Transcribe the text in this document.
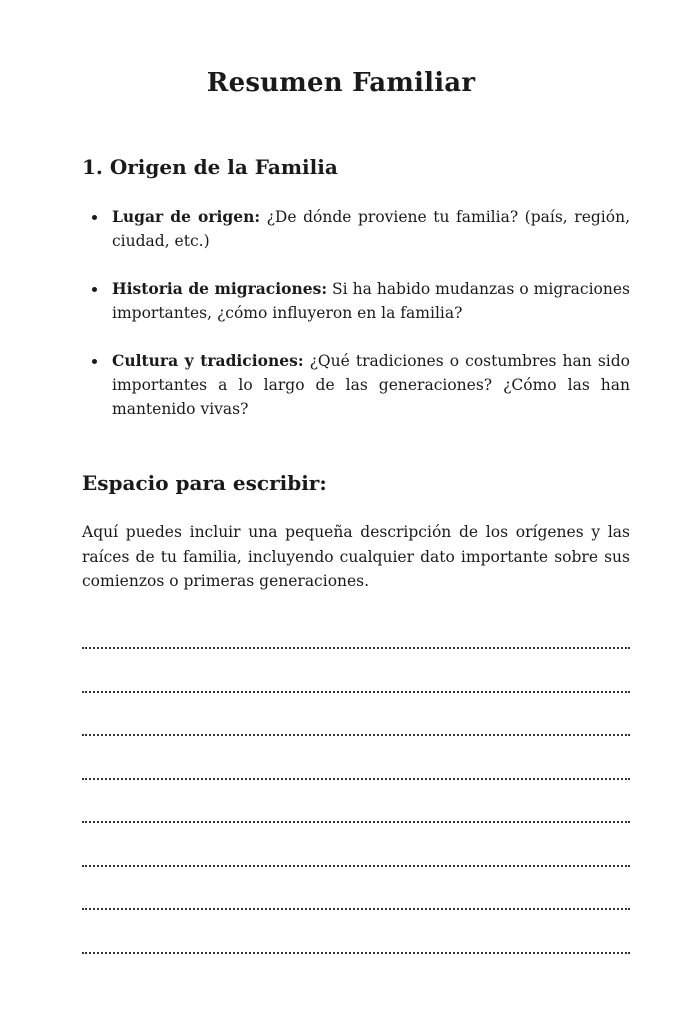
Resumen Familiar
1. Origen de la Familia
Lugar de origen: ¿De dónde proviene tu familia? (país, región, ciudad, etc.)
Historia de migraciones: Si ha habido mudanzas o migraciones importantes, ¿cómo influyeron en la familia?
Cultura y tradiciones: ¿Qué tradiciones o costumbres han sido importantes a lo largo de las generaciones? ¿Cómo las han mantenido vivas?
Espacio para escribir:

Aquí puedes incluir una pequeña descripción de los orígenes y las raíces de tu familia, incluyendo cualquier dato importante sobre sus comienzos o primeras generaciones.
